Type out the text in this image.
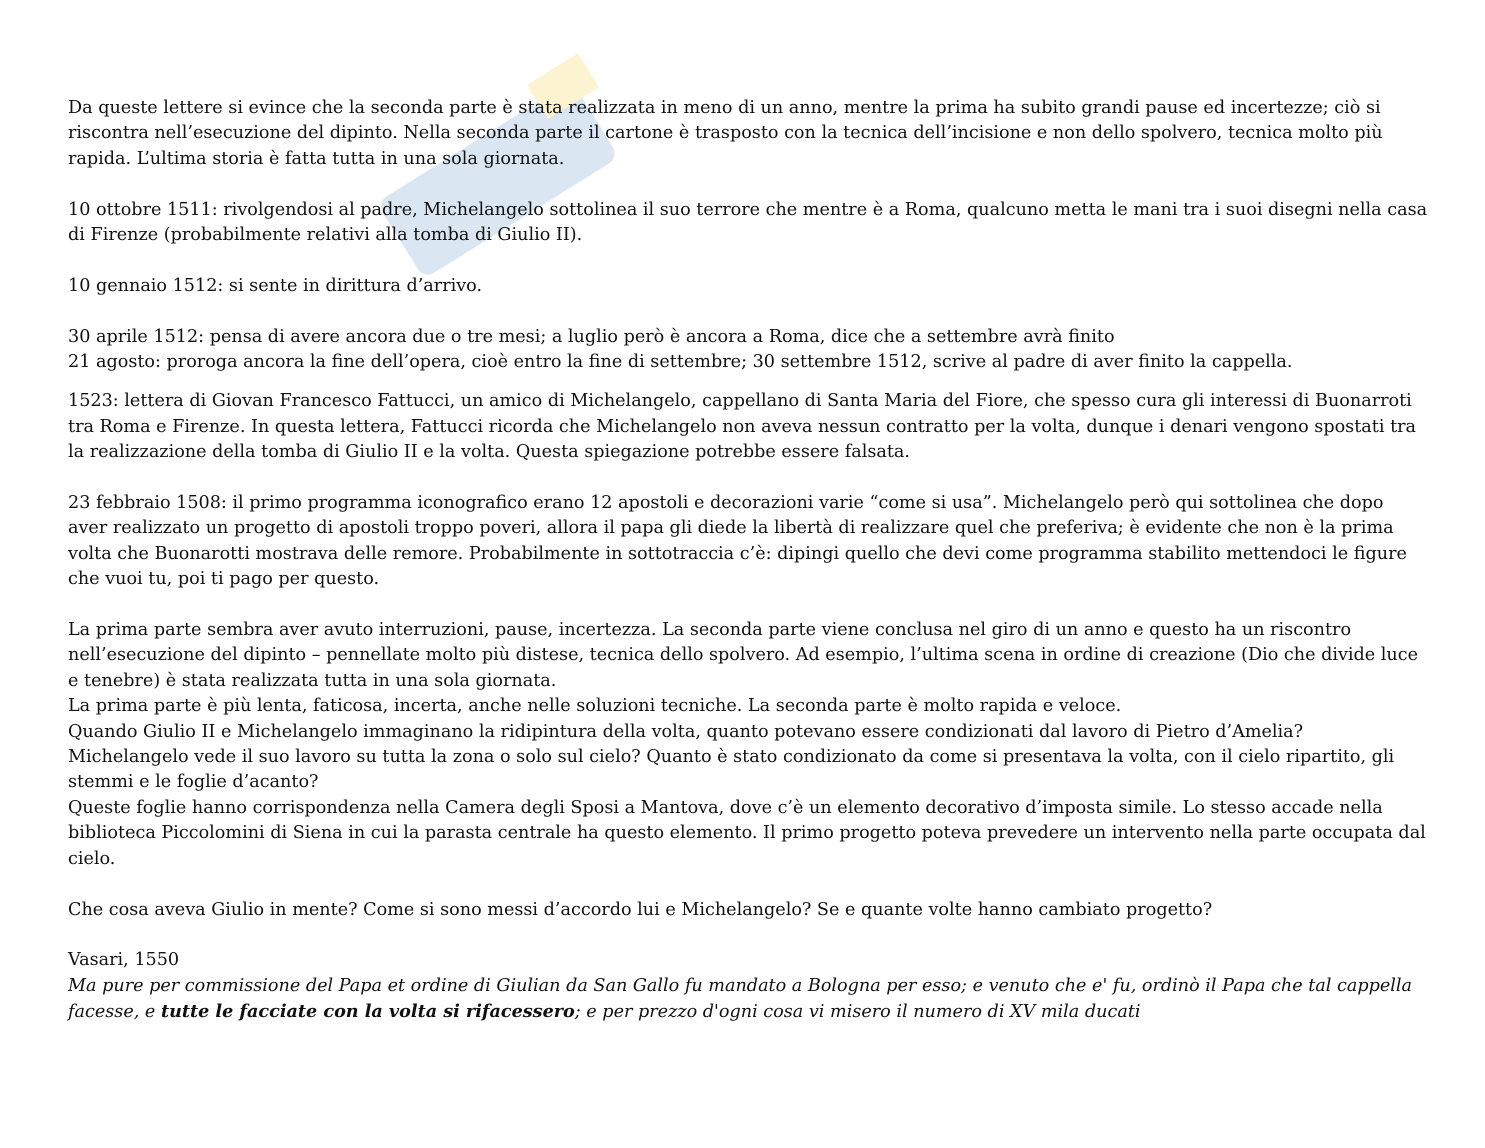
Da queste lettere si evince che la seconda parte è stata realizzata in meno di un anno, mentre la prima ha subito grandi pause ed incertezze; ciò si riscontra nell’esecuzione del dipinto. Nella seconda parte il cartone è trasposto con la tecnica dell’incisione e non dello spolvero, tecnica molto più rapida. L’ultima storia è fatta tutta in una sola giornata.

10 ottobre 1511: rivolgendosi al padre, Michelangelo sottolinea il suo terrore che mentre è a Roma, qualcuno metta le mani tra i suoi disegni nella casa di Firenze (probabilmente relativi alla tomba di Giulio II).

10 gennaio 1512: si sente in dirittura d’arrivo.

30 aprile 1512: pensa di avere ancora due o tre mesi; a luglio però è ancora a Roma, dice che a settembre avrà finito

21 agosto: proroga ancora la fine dell’opera, cioè entro la fine di settembre; 30 settembre 1512, scrive al padre di aver finito la cappella.

1523: lettera di Giovan Francesco Fattucci, un amico di Michelangelo, cappellano di Santa Maria del Fiore, che spesso cura gli interessi di Buonarroti tra Roma e Firenze. In questa lettera, Fattucci ricorda che Michelangelo non aveva nessun contratto per la volta, dunque i denari vengono spostati tra la realizzazione della tomba di Giulio II e la volta. Questa spiegazione potrebbe essere falsata.

23 febbraio 1508: il primo programma iconografico erano 12 apostoli e decorazioni varie “come si usa”. Michelangelo però qui sottolinea che dopo aver realizzato un progetto di apostoli troppo poveri, allora il papa gli diede la libertà di realizzare quel che preferiva; è evidente che non è la prima volta che Buonarotti mostrava delle remore. Probabilmente in sottotraccia c’è: dipingi quello che devi come programma stabilito mettendoci le figure che vuoi tu, poi ti pago per questo.

La prima parte sembra aver avuto interruzioni, pause, incertezza. La seconda parte viene conclusa nel giro di un anno e questo ha un riscontro nell’esecuzione del dipinto – pennellate molto più distese, tecnica dello spolvero. Ad esempio, l’ultima scena in ordine di creazione (Dio che divide luce e tenebre) è stata realizzata tutta in una sola giornata.

La prima parte è più lenta, faticosa, incerta, anche nelle soluzioni tecniche. La seconda parte è molto rapida e veloce.

Quando Giulio II e Michelangelo immaginano la ridipintura della volta, quanto potevano essere condizionati dal lavoro di Pietro d’Amelia? Michelangelo vede il suo lavoro su tutta la zona o solo sul cielo? Quanto è stato condizionato da come si presentava la volta, con il cielo ripartito, gli stemmi e le foglie d’acanto?

Queste foglie hanno corrispondenza nella Camera degli Sposi a Mantova, dove c’è un elemento decorativo d’imposta simile. Lo stesso accade nella biblioteca Piccolomini di Siena in cui la parasta centrale ha questo elemento. Il primo progetto poteva prevedere un intervento nella parte occupata dal cielo.

Che cosa aveva Giulio in mente? Come si sono messi d’accordo lui e Michelangelo? Se e quante volte hanno cambiato progetto?

Vasari, 1550

Ma pure per commissione del Papa et ordine di Giulian da San Gallo fu mandato a Bologna per esso; e venuto che e' fu, ordinò il Papa che tal cappella facesse, e tutte le facciate con la volta si rifacessero; e per prezzo d'ogni cosa vi misero il numero di XV mila ducati
